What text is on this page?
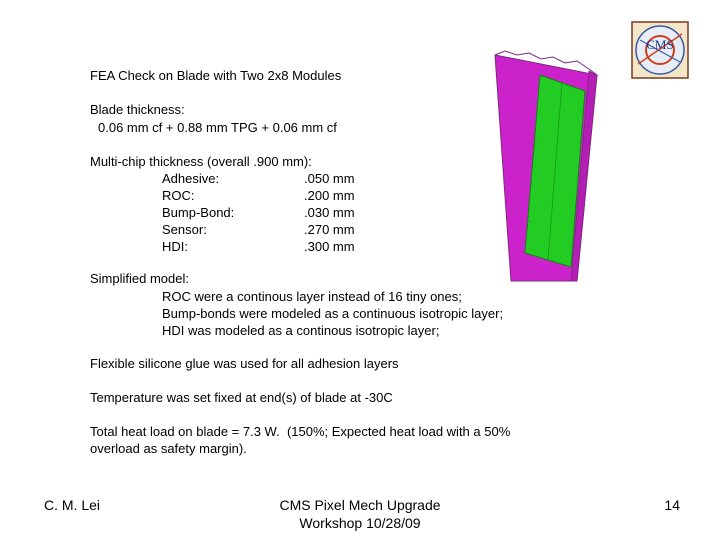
CMS
FEA Check on Blade with Two 2x8 Modules
Blade thickness:
0.06 mm cf + 0.88 mm TPG + 0.06 mm cf
Multi-chip thickness (overall .900 mm):
Adhesive:	.050 mm
ROC:	.200 mm
Bump-Bond:	.030 mm
Sensor:	.270 mm
HDI:	.300 mm
Simplified model:
ROC were a continous layer instead of 16 tiny ones;
Bump-bonds were modeled as a continuous isotropic layer;
HDI was modeled as a continous isotropic layer;
Flexible silicone glue was used for all adhesion layers
Temperature was set fixed at end(s) of blade at -30C
Total heat load on blade = 7.3 W.  (150%; Expected heat load with a 50%
overload as safety margin).
C. M. Lei	CMS Pixel Mech Upgrade
Workshop 10/28/09
14
